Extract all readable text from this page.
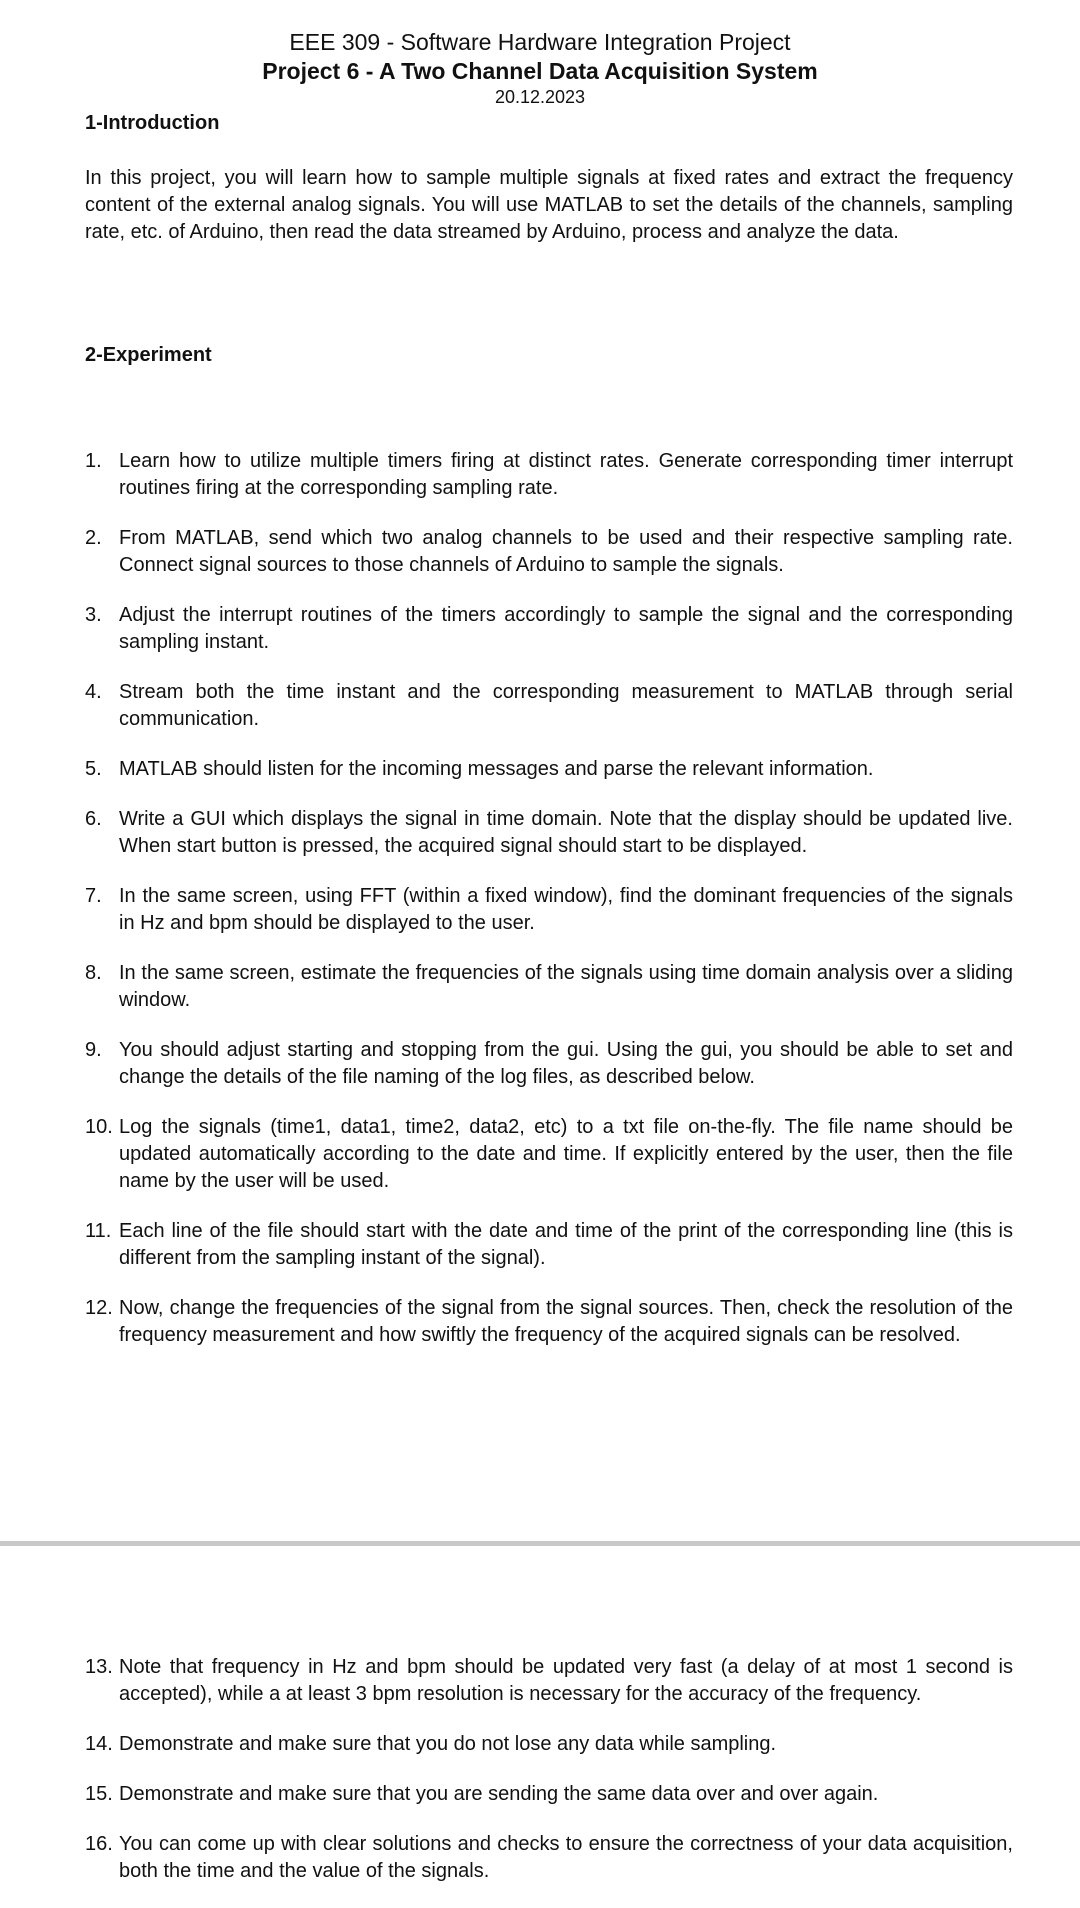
EEE 309 - Software Hardware Integration Project
Project 6 - A Two Channel Data Acquisition System
20.12.2023
1-Introduction

In this project, you will learn how to sample multiple signals at fixed rates and extract the frequency content of the external analog signals. You will use MATLAB to set the details of the channels, sampling rate, etc. of Arduino, then read the data streamed by Arduino, process and analyze the data.

2-Experiment
1. Learn how to utilize multiple timers firing at distinct rates. Generate corresponding timer interrupt routines firing at the corresponding sampling rate.
2. From MATLAB, send which two analog channels to be used and their respective sampling rate. Connect signal sources to those channels of Arduino to sample the signals.
3. Adjust the interrupt routines of the timers accordingly to sample the signal and the corresponding sampling instant.
4. Stream both the time instant and the corresponding measurement to MATLAB through serial communication.
5. MATLAB should listen for the incoming messages and parse the relevant information.
6. Write a GUI which displays the signal in time domain. Note that the display should be updated live. When start button is pressed, the acquired signal should start to be displayed.
7. In the same screen, using FFT (within a fixed window), find the dominant frequencies of the signals in Hz and bpm should be displayed to the user.
8. In the same screen, estimate the frequencies of the signals using time domain analysis over a sliding window.
9. You should adjust starting and stopping from the gui. Using the gui, you should be able to set and change the details of the file naming of the log files, as described below.
10. Log the signals (time1, data1, time2, data2, etc) to a txt file on-the-fly. The file name should be updated automatically according to the date and time. If explicitly entered by the user, then the file name by the user will be used.
11. Each line of the file should start with the date and time of the print of the corresponding line (this is different from the sampling instant of the signal).
12. Now, change the frequencies of the signal from the signal sources. Then, check the resolution of the frequency measurement and how swiftly the frequency of the acquired signals can be resolved.
13. Note that frequency in Hz and bpm should be updated very fast (a delay of at most 1 second is accepted), while a at least 3 bpm resolution is necessary for the accuracy of the frequency.
14. Demonstrate and make sure that you do not lose any data while sampling.
15. Demonstrate and make sure that you are sending the same data over and over again.
16. You can come up with clear solutions and checks to ensure the correctness of your data acquisition, both the time and the value of the signals.
